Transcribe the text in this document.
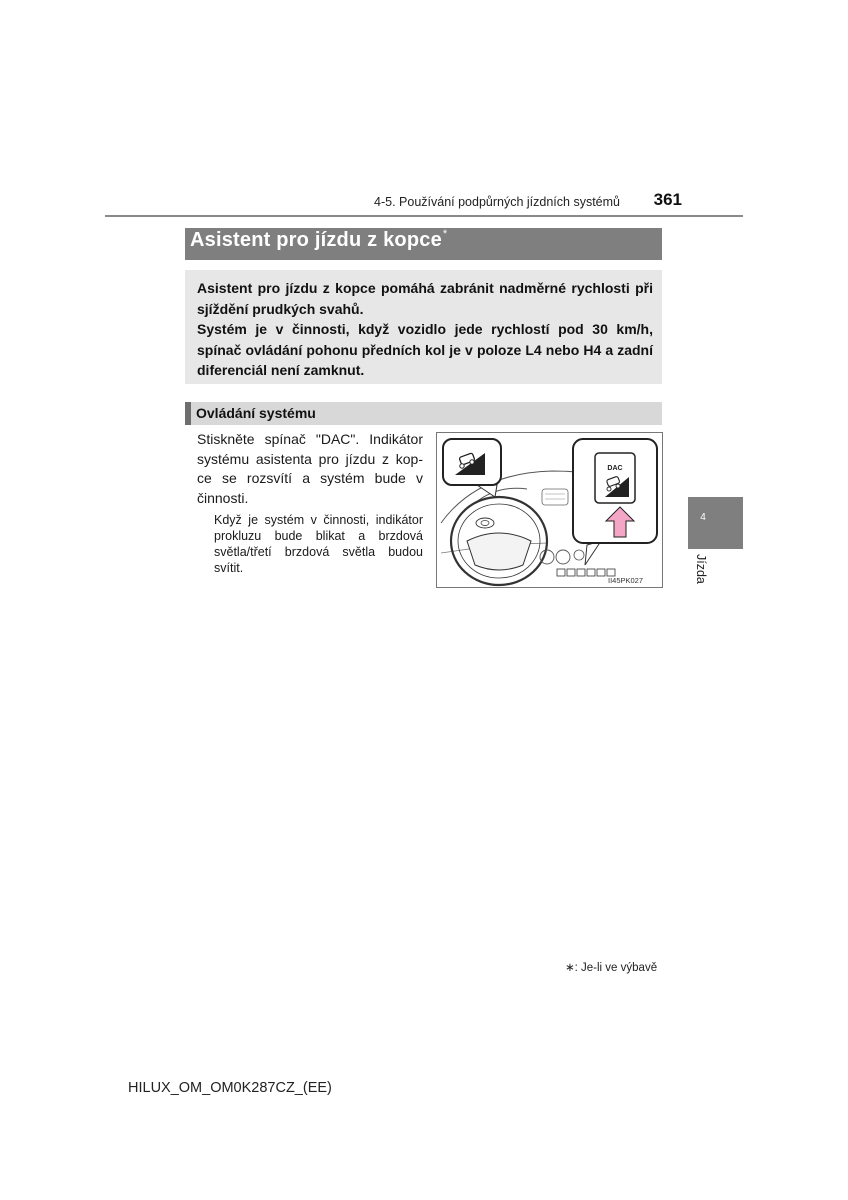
4-5. Používání podpůrných jízdních systémů	361
Asistent pro jízdu z kopce*

Asistent pro jízdu z kopce pomáhá zabránit nadměrné rychlosti při sjíždění prudkých svahů.

Systém je v činnosti, když vozidlo jede rychlostí pod 30 km/h, spínač ovládání pohonu předních kol je v poloze L4 nebo H4 a zadní diferenciál není zamknut.

Ovládání systému
Stiskněte spínač "DAC". Indikátor systému asistenta pro jízdu z kop-ce se rozsvítí a systém bude v činnosti.
Když je systém v činnosti, indikátor prokluzu bude blikat a brzdová světla/třetí brzdová světla budou svítit.
DAC
II45PK027
4
Jízda
∗: Je-li ve výbavě
HILUX_OM_OM0K287CZ_(EE)
